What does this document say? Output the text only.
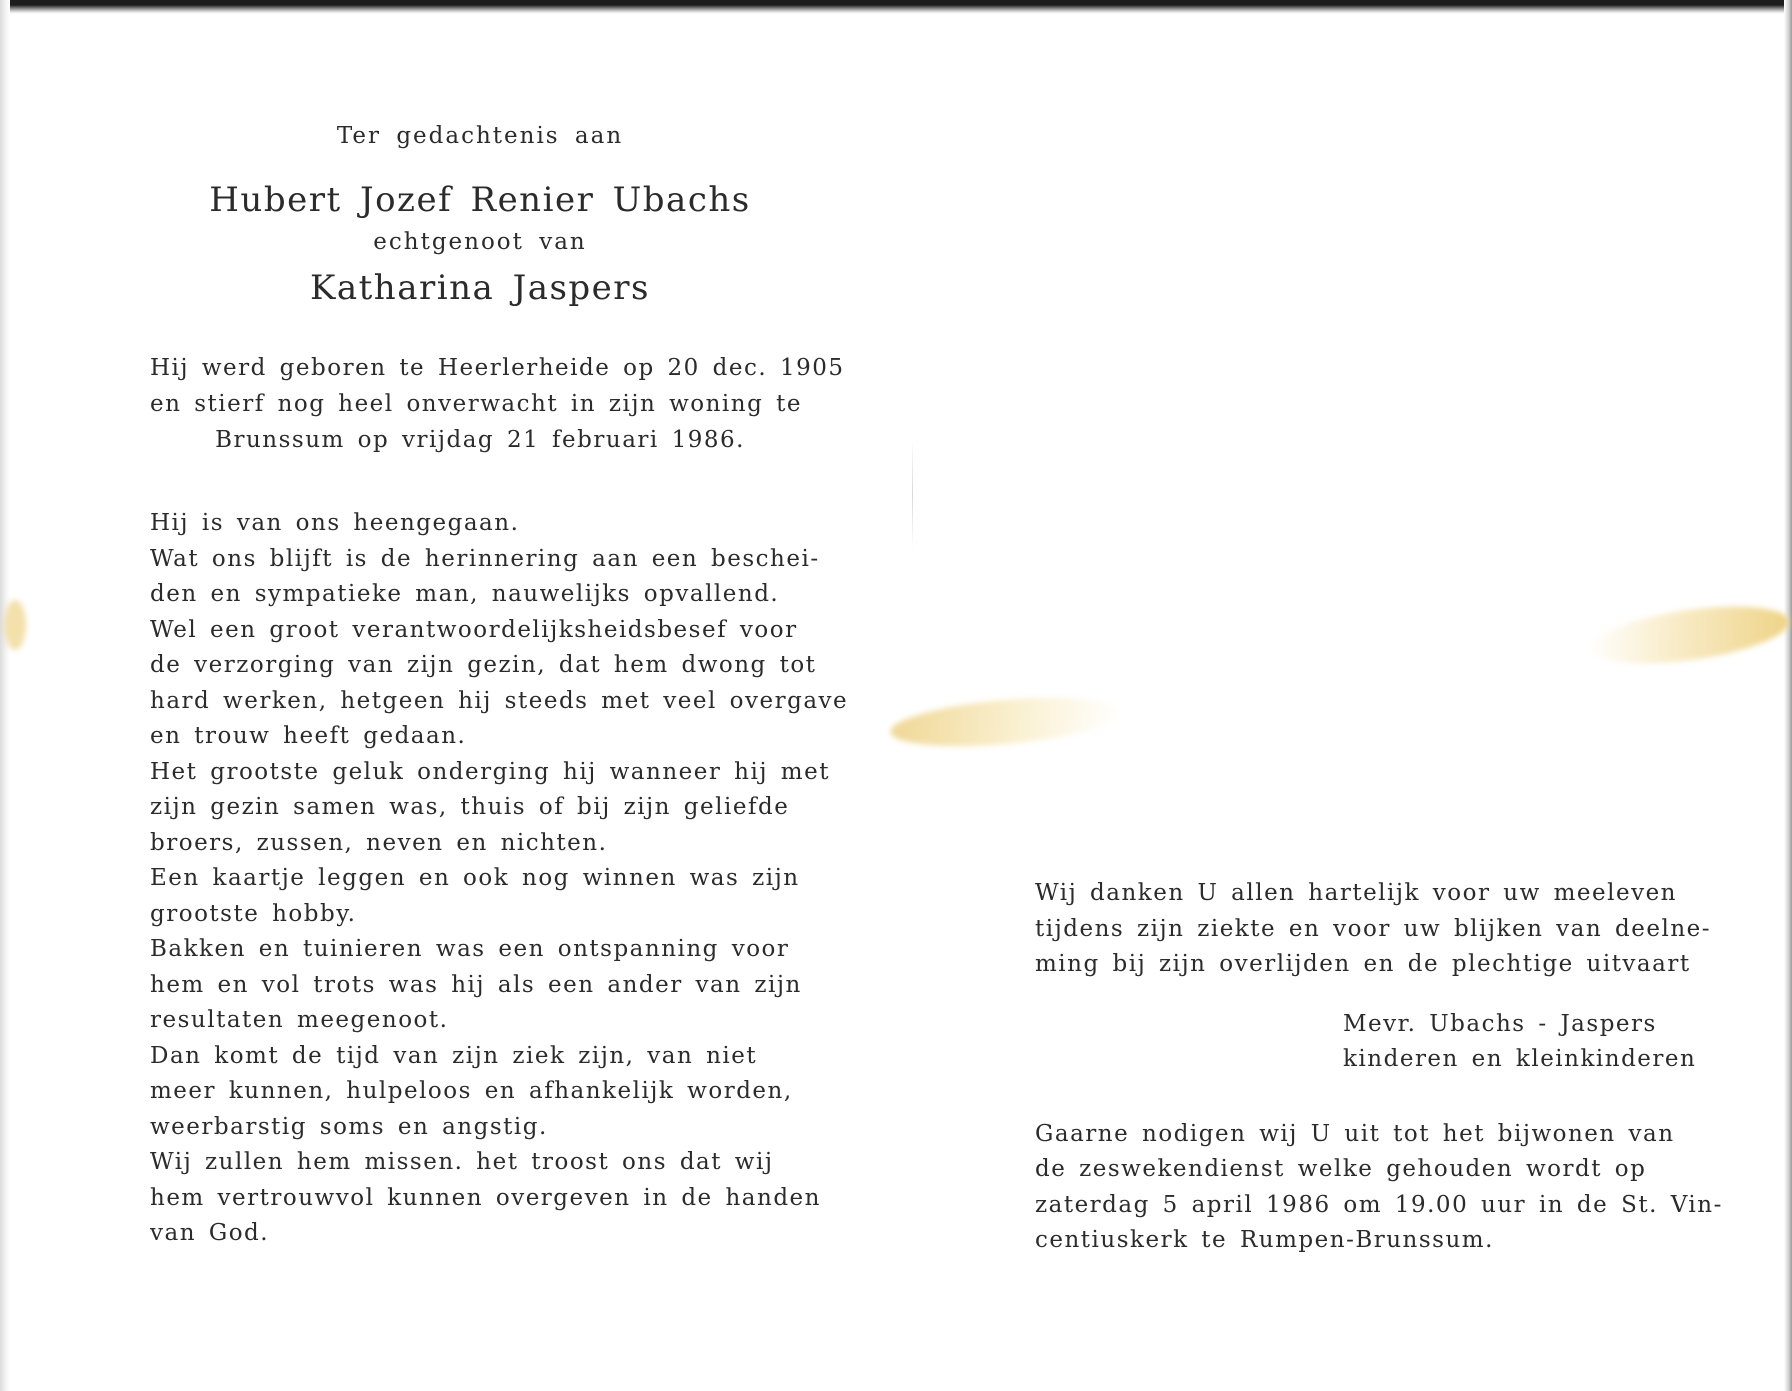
Ter gedachtenis aan
Hubert Jozef Renier Ubachs
echtgenoot van
Katharina Jaspers
Hij werd geboren te Heerlerheide op 20 dec. 1905
en stierf nog heel onverwacht in zijn woning te
Brunssum op vrijdag 21 februari 1986.
Hij is van ons heengegaan.
Wat ons blijft is de herinnering aan een beschei-
den en sympatieke man, nauwelijks opvallend.
Wel een groot verantwoordelijksheidsbesef voor
de verzorging van zijn gezin, dat hem dwong tot
hard werken, hetgeen hij steeds met veel overgave
en trouw heeft gedaan.
Het grootste geluk onderging hij wanneer hij met
zijn gezin samen was, thuis of bij zijn geliefde
broers, zussen, neven en nichten.
Een kaartje leggen en ook nog winnen was zijn
grootste hobby.
Bakken en tuinieren was een ontspanning voor
hem en vol trots was hij als een ander van zijn
resultaten meegenoot.
Dan komt de tijd van zijn ziek zijn, van niet
meer kunnen, hulpeloos en afhankelijk worden,
weerbarstig soms en angstig.
Wij zullen hem missen. het troost ons dat wij
hem vertrouwvol kunnen overgeven in de handen
van God.
Wij danken U allen hartelijk voor uw meeleven
tijdens zijn ziekte en voor uw blijken van deelne-
ming bij zijn overlijden en de plechtige uitvaart
Mevr. Ubachs - Jaspers
kinderen en kleinkinderen
Gaarne nodigen wij U uit tot het bijwonen van
de zeswekendienst welke gehouden wordt op
zaterdag 5 april 1986 om 19.00 uur in de St. Vin-
centiuskerk te Rumpen-Brunssum.
